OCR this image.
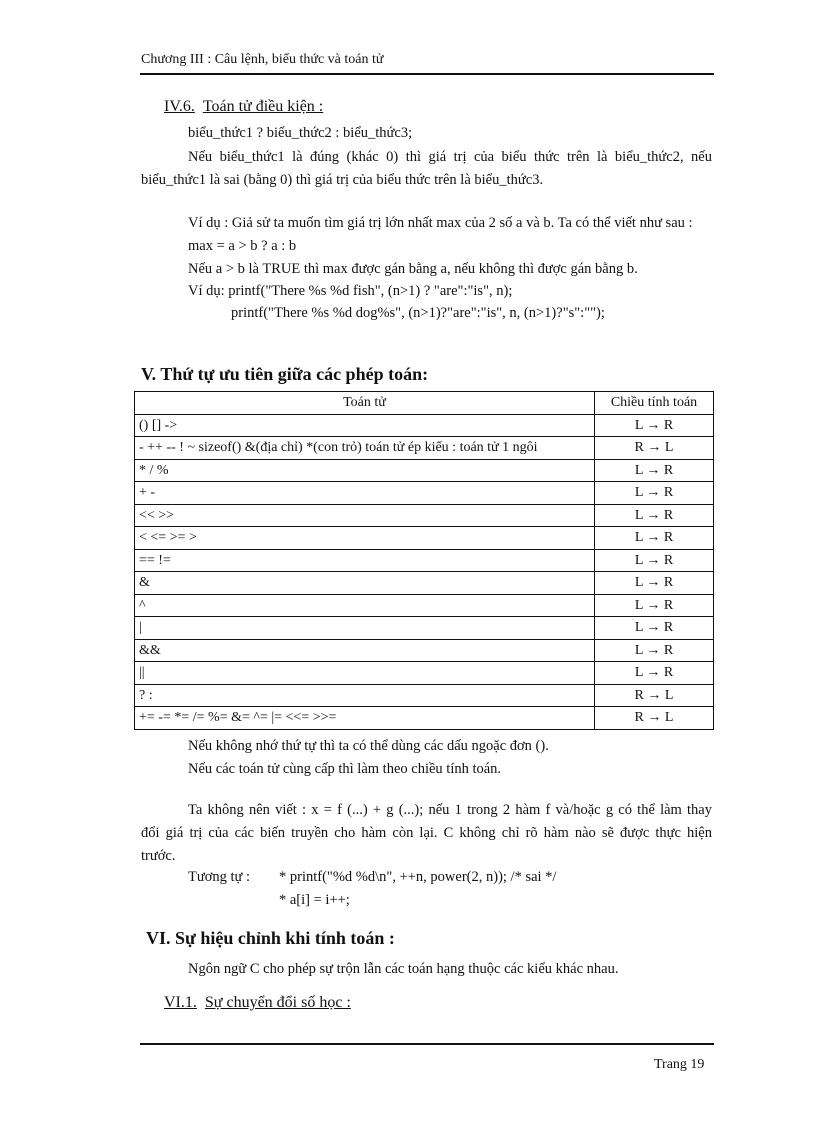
Chương III : Câu lệnh, biểu thức và toán tử
IV.6. Toán tử điều kiện :
biểu_thức1 ? biểu_thức2 : biểu_thức3;
Nếu biểu_thức1 là đúng (khác 0) thì giá trị của biểu thức trên là biểu_thức2, nếu
biểu_thức1 là sai (bằng 0) thì giá trị của biểu thức trên là biểu_thức3.
Ví dụ : Giả sử ta muốn tìm giá trị lớn nhất max của 2 số a và b. Ta có thể viết như sau :
max = a > b ? a : b
Nếu a > b là TRUE thì max được gán bằng a, nếu không thì được gán bằng b.
Ví dụ: printf("There %s %d fish", (n>1) ? "are":"is", n);
printf("There %s %d dog%s", (n>1)?"are":"is", n, (n>1)?"s":"");
V. Thứ tự ưu tiên giữa các phép toán:
Toán tử	Chiều tính toán
() [] ->	L → R
- ++ -- ! ~ sizeof() &(địa chỉ) *(con trỏ) toán tử ép kiểu : toán tử 1 ngôi	R → L
* / %	L → R
+ -	L → R
<< >>	L → R
< <= >= >	L → R
== !=	L → R
&	L → R
^	L → R
|	L → R
&&	L → R
||	L → R
? :	R → L
+= -= *= /= %= &= ^= |= <<= >>=	R → L
Nếu không nhớ thứ tự thì ta có thể dùng các dấu ngoặc đơn ().
Nếu các toán tử cùng cấp thì làm theo chiều tính toán.
Ta không nên viết : x = f (...) + g (...); nếu 1 trong 2 hàm f và/hoặc g có thể làm thay
đổi giá trị của các biến truyền cho hàm còn lại. C không chỉ rõ hàm nào sẽ được thực hiện
trước.
Tương tự : * printf("%d %d\n", ++n, power(2, n)); /* sai */
* a[i] = i++;
VI. Sự hiệu chỉnh khi tính toán :
Ngôn ngữ C cho phép sự trộn lẫn các toán hạng thuộc các kiểu khác nhau.
VI.1. Sự chuyển đổi số học :
Trang 19
